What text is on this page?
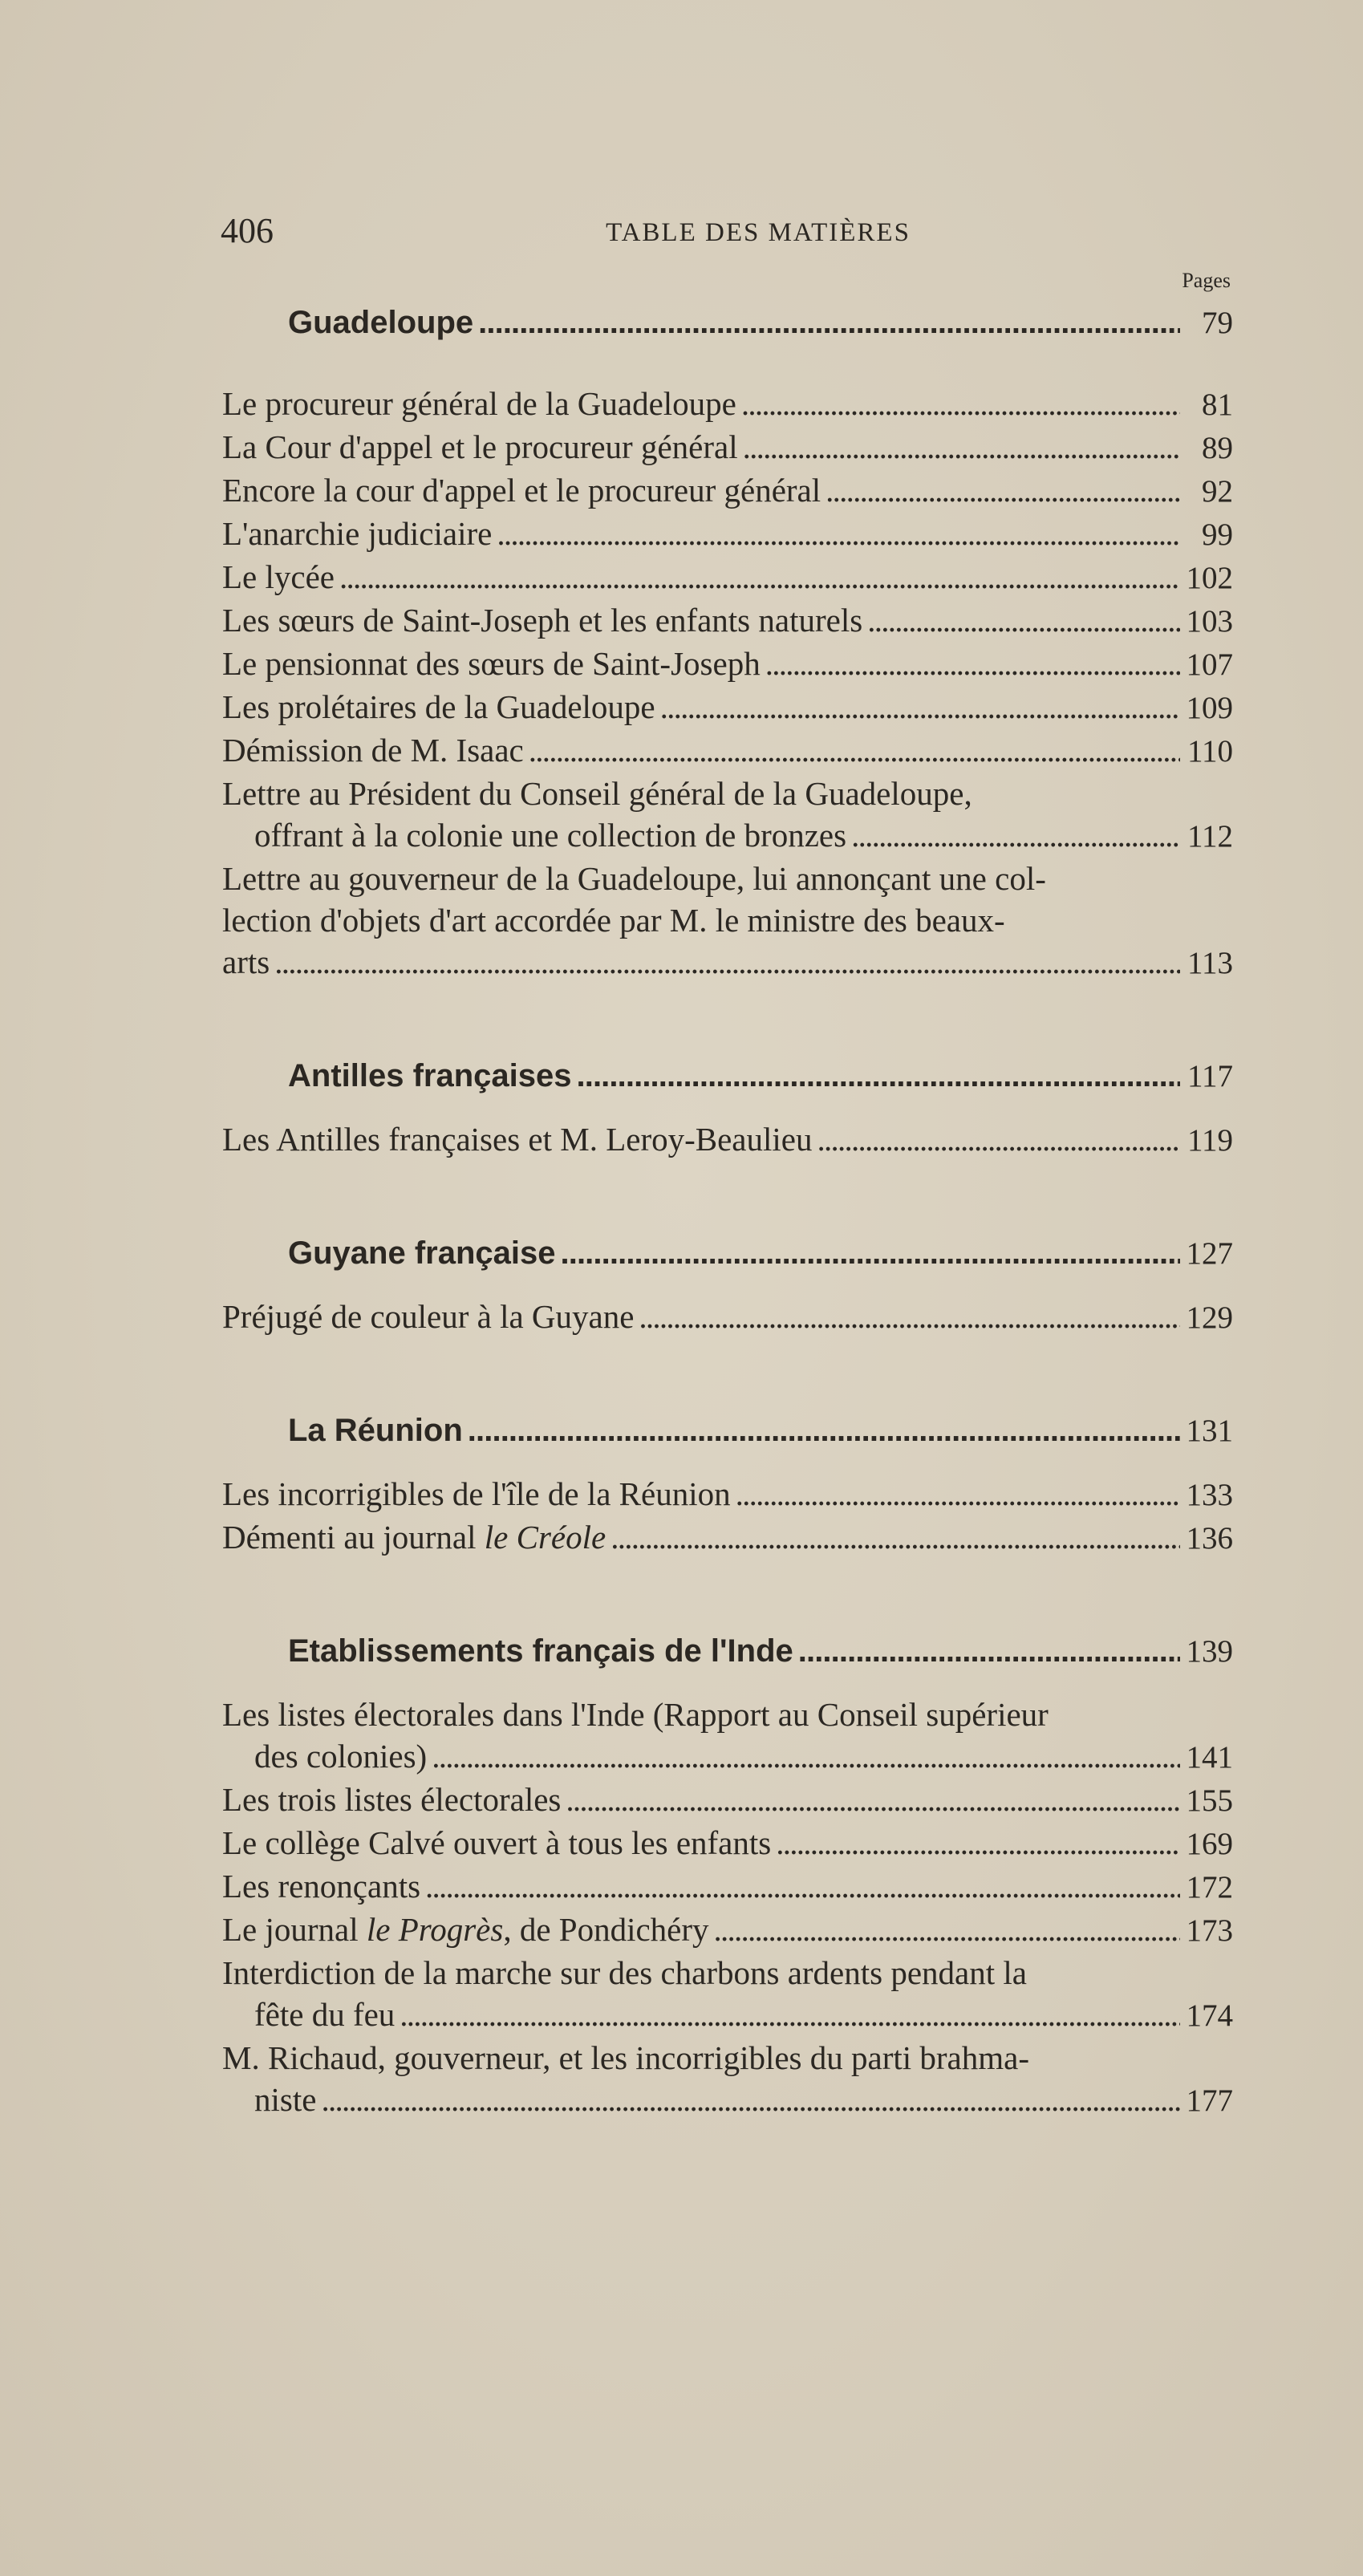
406	TABLE DES MATIÈRES
Pages
Guadeloupe . . .	79
Le procureur général de la Guadeloupe . . .	81
La Cour d'appel et le procureur général . . .	89
Encore la cour d'appel et le procureur général . . .	92
L'anarchie judiciaire . . .	99
Le lycée . . .	102
Les sœurs de Saint-Joseph et les enfants naturels . . .	103
Le pensionnat des sœurs de Saint-Joseph . . .	107
Les prolétaires de la Guadeloupe . . .	109
Démission de M. Isaac . . .	110
Lettre au Président du Conseil général de la Guadeloupe,
offrant à la colonie une collection de bronzes . . .	112
Lettre au gouverneur de la Guadeloupe, lui annonçant une col-
lection d'objets d'art accordée par M. le ministre des beaux-
arts . . .	113
Antilles françaises . . .	117
Les Antilles françaises et M. Leroy-Beaulieu . . .	119
Guyane française . . .	127
Préjugé de couleur à la Guyane . . .	129
La Réunion . . .	131
Les incorrigibles de l'île de la Réunion . . .	133
Démenti au journal le Créole . . .	136
Etablissements français de l'Inde . . .	139
Les listes électorales dans l'Inde (Rapport au Conseil supérieur
des colonies) . . .	141
Les trois listes électorales . . .	155
Le collège Calvé ouvert à tous les enfants . . .	169
Les renonçants . . .	172
Le journal le Progrès, de Pondichéry . . .	173
Interdiction de la marche sur des charbons ardents pendant la
fête du feu . . .	174
M. Richaud, gouverneur, et les incorrigibles du parti brahma-
niste . . .	177
